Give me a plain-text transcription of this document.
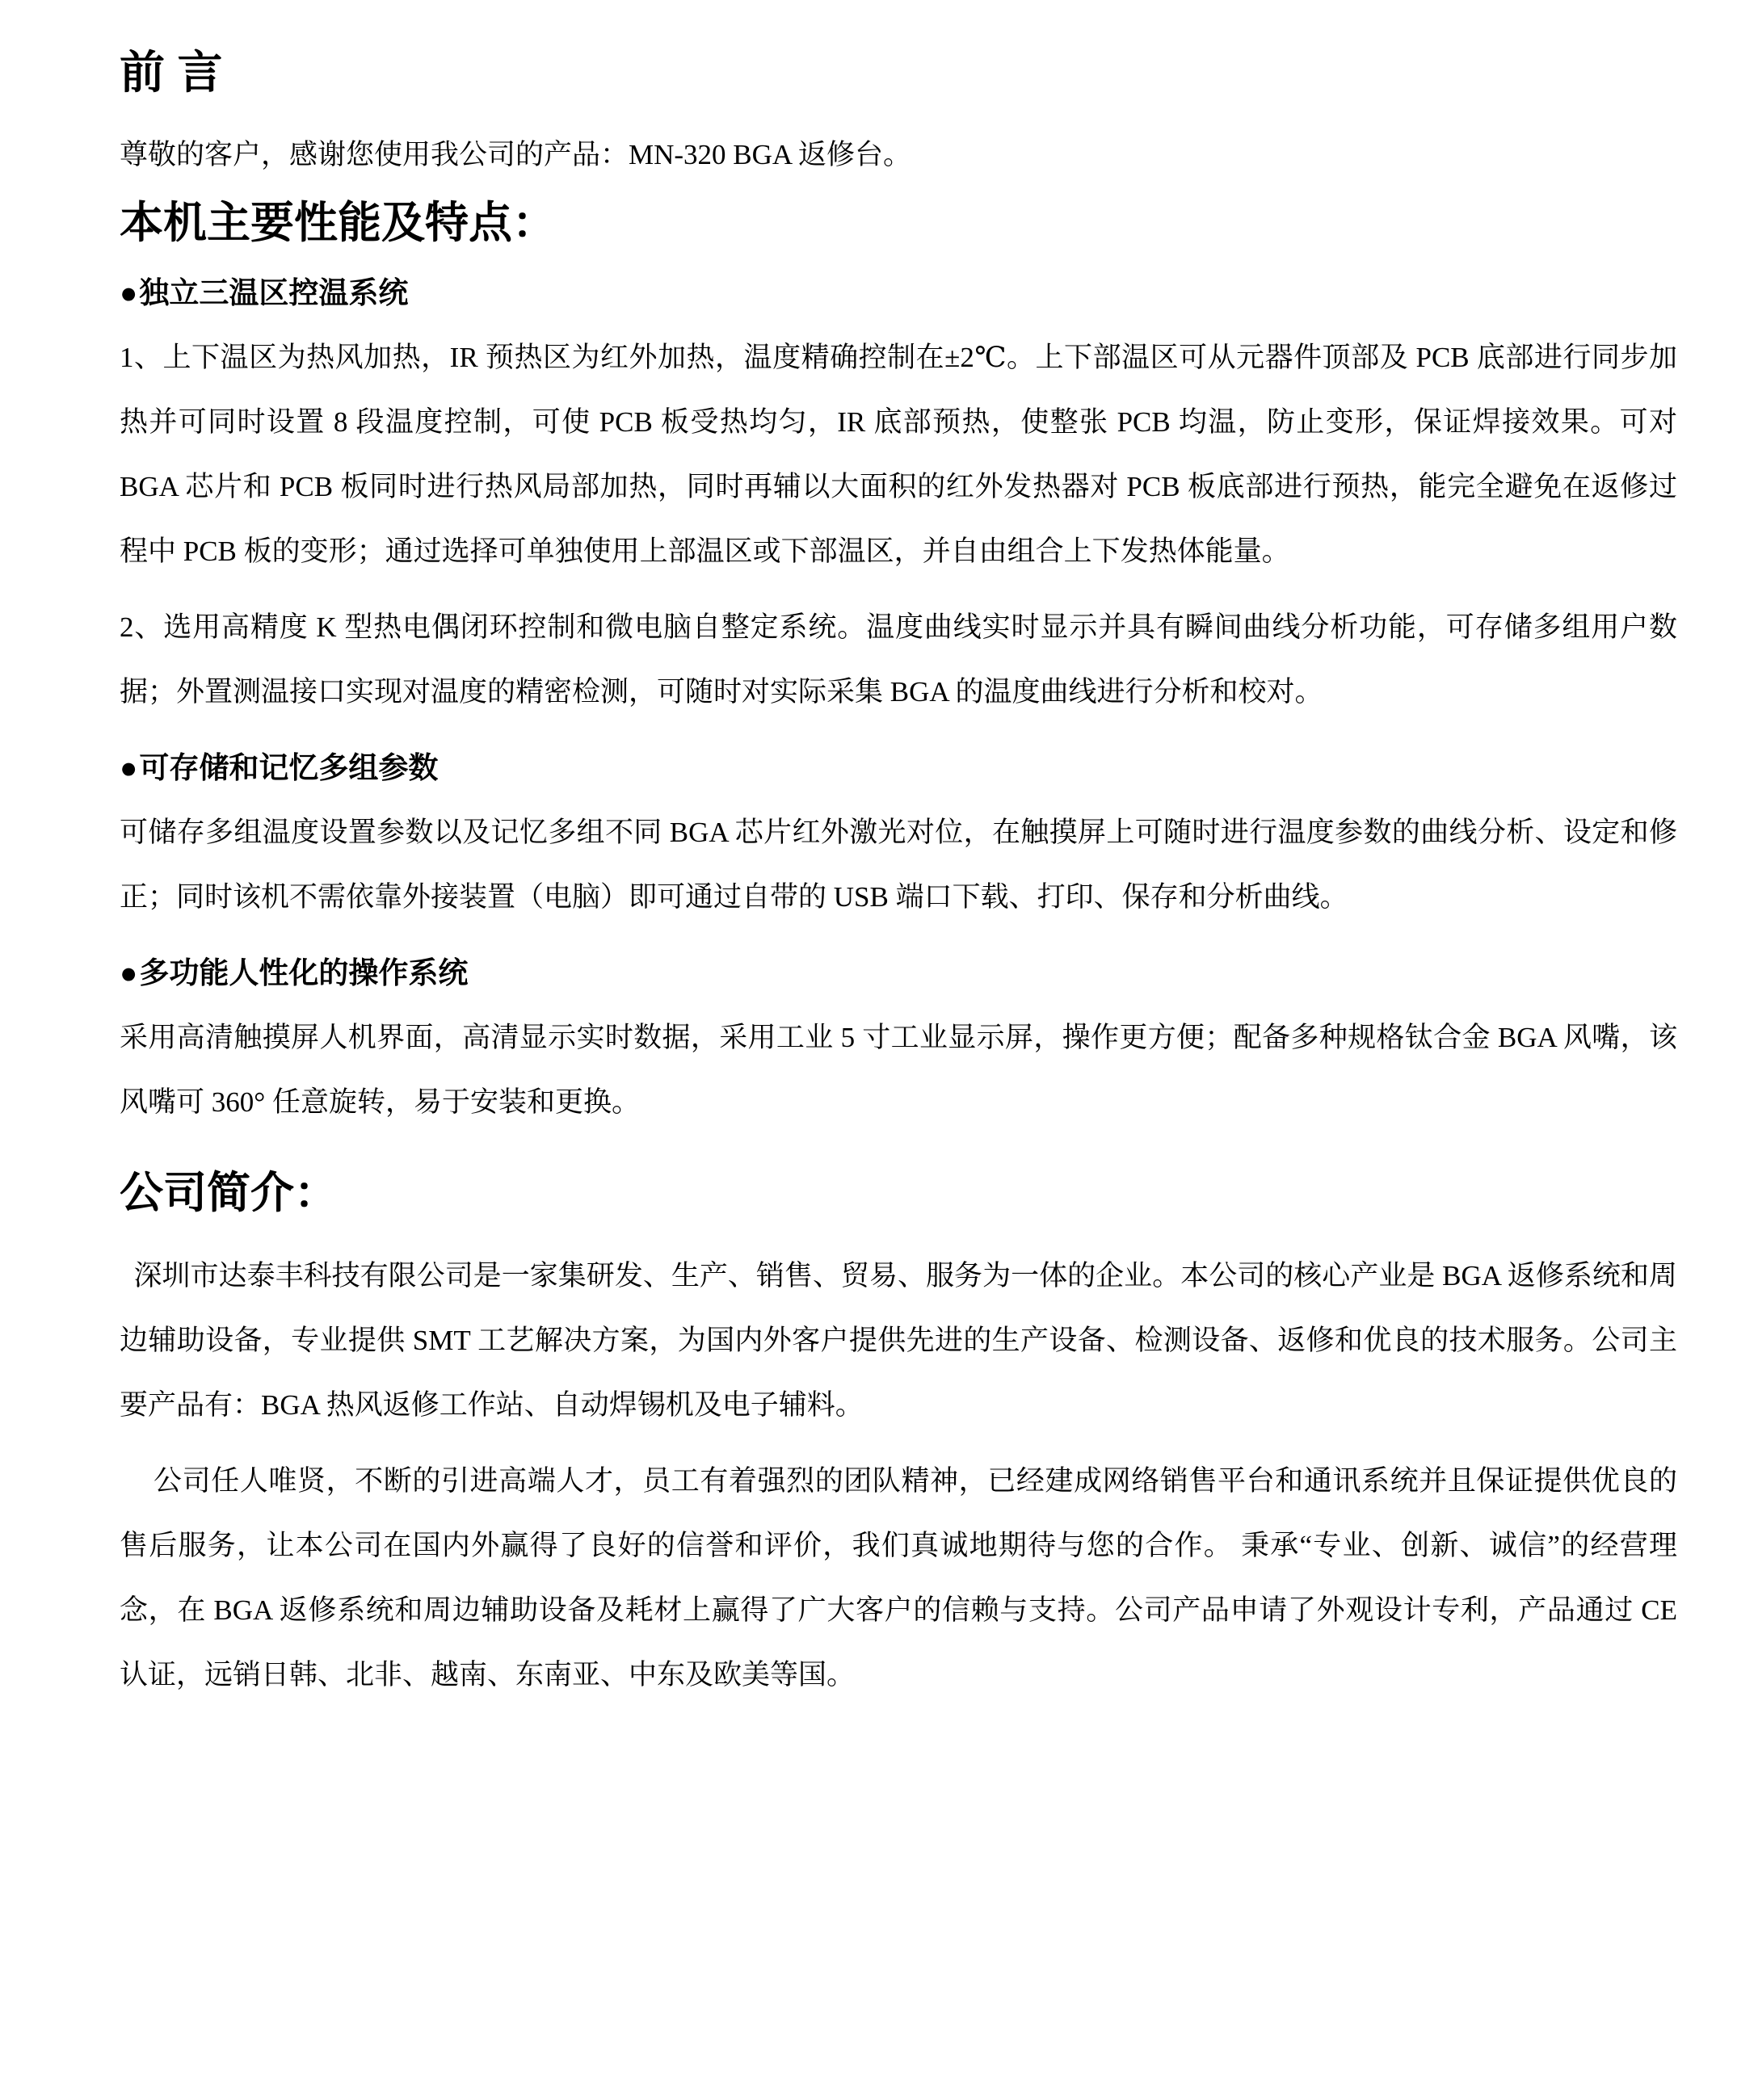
前 言

尊敬的客户，感谢您使用我公司的产品：MN-320 BGA 返修台。

本机主要性能及特点：
●独立三温区控温系统

1、上下温区为热风加热，IR 预热区为红外加热，温度精确控制在±2℃。上下部温区可从元器件顶部及 PCB 底部进行同步加热并可同时设置 8 段温度控制，可使 PCB 板受热均匀，IR 底部预热，使整张 PCB 均温，防止变形，保证焊接效果。可对 BGA 芯片和 PCB 板同时进行热风局部加热，同时再辅以大面积的红外发热器对 PCB 板底部进行预热，能完全避免在返修过程中 PCB 板的变形；通过选择可单独使用上部温区或下部温区，并自由组合上下发热体能量。

2、选用高精度 K 型热电偶闭环控制和微电脑自整定系统。温度曲线实时显示并具有瞬间曲线分析功能，可存储多组用户数据；外置测温接口实现对温度的精密检测，可随时对实际采集 BGA 的温度曲线进行分析和校对。

●可存储和记忆多组参数

可储存多组温度设置参数以及记忆多组不同 BGA 芯片红外激光对位，在触摸屏上可随时进行温度参数的曲线分析、设定和修正；同时该机不需依靠外接装置（电脑）即可通过自带的 USB 端口下载、打印、保存和分析曲线。

●多功能人性化的操作系统

采用高清触摸屏人机界面，高清显示实时数据，采用工业 5 寸工业显示屏，操作更方便；配备多种规格钛合金 BGA 风嘴，该风嘴可 360° 任意旋转，易于安装和更换。

公司简介：

深圳市达泰丰科技有限公司是一家集研发、生产、销售、贸易、服务为一体的企业。本公司的核心产业是 BGA 返修系统和周边辅助设备，专业提供 SMT 工艺解决方案，为国内外客户提供先进的生产设备、检测设备、返修和优良的技术服务。公司主要产品有：BGA 热风返修工作站、自动焊锡机及电子辅料。

公司任人唯贤，不断的引进高端人才，员工有着强烈的团队精神，已经建成网络销售平台和通讯系统并且保证提供优良的售后服务，让本公司在国内外赢得了良好的信誉和评价，我们真诚地期待与您的合作。 秉承“专业、创新、诚信”的经营理念，在 BGA 返修系统和周边辅助设备及耗材上赢得了广大客户的信赖与支持。公司产品申请了外观设计专利，产品通过 CE 认证，远销日韩、北非、越南、东南亚、中东及欧美等国。
